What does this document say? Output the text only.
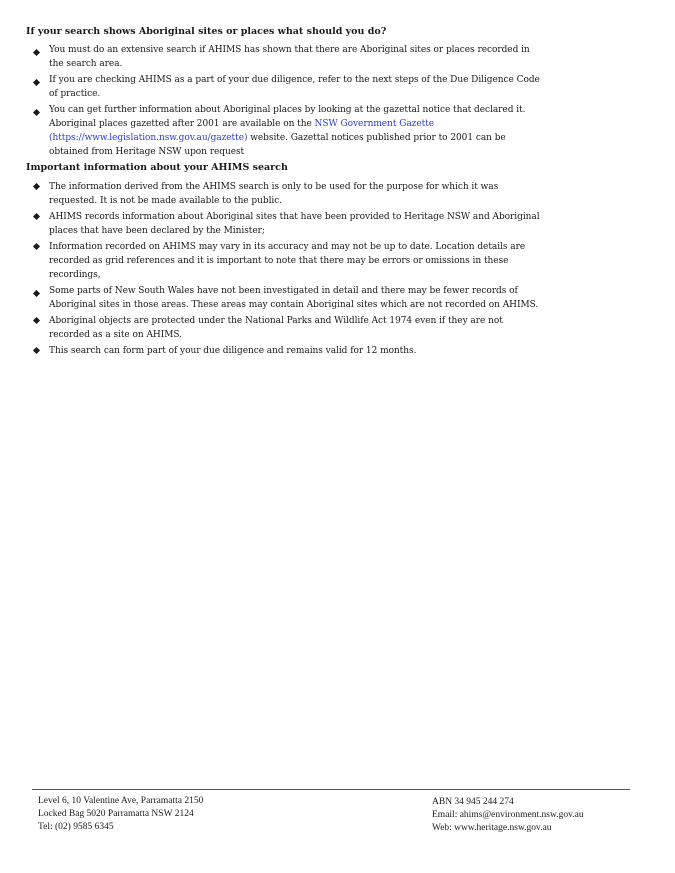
If your search shows Aboriginal sites or places what should you do?

You must do an extensive search if AHIMS has shown that there are Aboriginal sites or places recorded in the search area.
If you are checking AHIMS as a part of your due diligence, refer to the next steps of the Due Diligence Code of practice.
You can get further information about Aboriginal places by looking at the gazettal notice that declared it. Aboriginal places gazetted after 2001 are available on the NSW Government Gazette (https://www.legislation.nsw.gov.au/gazette) website. Gazettal notices published prior to 2001 can be obtained from Heritage NSW upon request

Important information about your AHIMS search

The information derived from the AHIMS search is only to be used for the purpose for which it was requested. It is not be made available to the public.
AHIMS records information about Aboriginal sites that have been provided to Heritage NSW and Aboriginal places that have been declared by the Minister;
Information recorded on AHIMS may vary in its accuracy and may not be up to date. Location details are recorded as grid references and it is important to note that there may be errors or omissions in these recordings,
Some parts of New South Wales have not been investigated in detail and there may be fewer records of Aboriginal sites in those areas. These areas may contain Aboriginal sites which are not recorded on AHIMS.
Aboriginal objects are protected under the National Parks and Wildlife Act 1974 even if they are not recorded as a site on AHIMS.
This search can form part of your due diligence and remains valid for 12 months.
Level 6, 10 Valentine Ave, Parramatta 2150
Locked Bag 5020 Parramatta NSW 2124
Tel: (02) 9585 6345
ABN 34 945 244 274
Email: ahims@environment.nsw.gov.au
Web: www.heritage.nsw.gov.au
